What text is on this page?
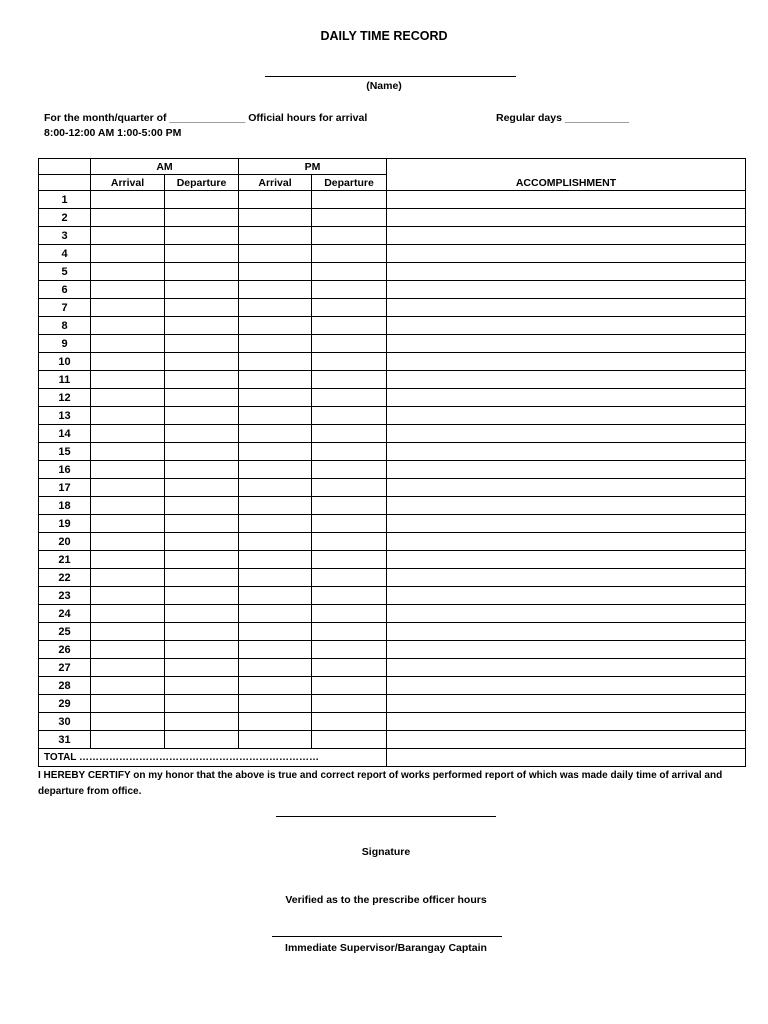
DAILY TIME RECORD
(Name)
For the month/quarter of _____________ Official hours for arrival	Regular days ___________
8:00-12:00 AM 1:00-5:00 PM
	AM		PM		ACCOMPLISHMENT
	Arrival	Departure	Arrival	Departure	
1					
2					
3					
4					
5					
6					
7					
8					
9					
10					
11					
12					
13					
14					
15					
16					
17					
18					
19					
20					
21					
22					
23					
24					
25					
26					
27					
28					
29					
30					
31					
TOTAL ………………………………………………………………					
I HEREBY CERTIFY on my honor that the above is true and correct report of works performed report of which was made daily time of arrival and departure from office.
Signature
Verified as to the prescribe officer hours
Immediate Supervisor/Barangay Captain
